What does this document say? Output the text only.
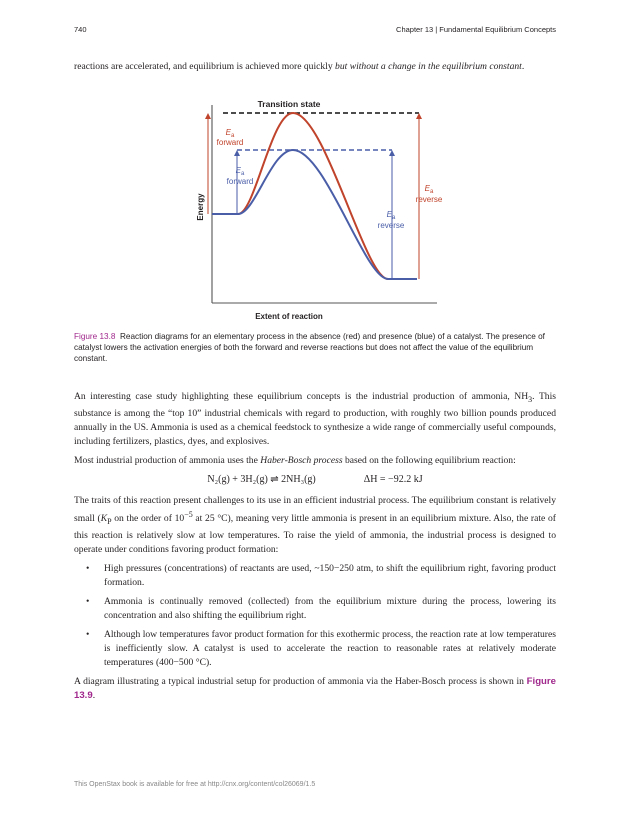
740	Chapter 13 | Fundamental Equilibrium Concepts
reactions are accelerated, and equilibrium is achieved more quickly but without a change in the equilibrium constant.
Transition state
Energy
Extent of reaction
$E_a$
forward
$E_a$
forward
$E_a$
reverse
$E_a$
reverse
Figure 13.8 Reaction diagrams for an elementary process in the absence (red) and presence (blue) of a catalyst. The presence of catalyst lowers the activation energies of both the forward and reverse reactions but does not affect the value of the equilibrium constant.

An interesting case study highlighting these equilibrium concepts is the industrial production of ammonia, $NH_3$. This substance is among the “top 10” industrial chemicals with regard to production, with roughly two billion pounds produced annually in the US. Ammonia is used as a chemical feedstock to synthesize a wide range of commercially useful compounds, including fertilizers, plastics, dyes, and explosives.

Most industrial production of ammonia uses the Haber-Bosch process based on the following equilibrium reaction:

N₂(g) + 3H₂(g) ⇌ 2NH₃(g)	ΔH = −92.2 kJ

The traits of this reaction present challenges to its use in an efficient industrial process. The equilibrium constant is relatively small ($K_P$ on the order of $10^{-5}$ at 25 °C), meaning very little ammonia is present in an equilibrium mixture. Also, the rate of this reaction is relatively slow at low temperatures. To raise the yield of ammonia, the industrial process is designed to operate under conditions favoring product formation:

• High pressures (concentrations) of reactants are used, ~150−250 atm, to shift the equilibrium right, favoring product formation.
• Ammonia is continually removed (collected) from the equilibrium mixture during the process, lowering its concentration and also shifting the equilibrium right.
• Although low temperatures favor product formation for this exothermic process, the reaction rate at low temperatures is inefficiently slow. A catalyst is used to accelerate the reaction to reasonable rates at relatively moderate temperatures (400−500 °C).

A diagram illustrating a typical industrial setup for production of ammonia via the Haber-Bosch process is shown in Figure 13.9.

This OpenStax book is available for free at http://cnx.org/content/col26069/1.5
